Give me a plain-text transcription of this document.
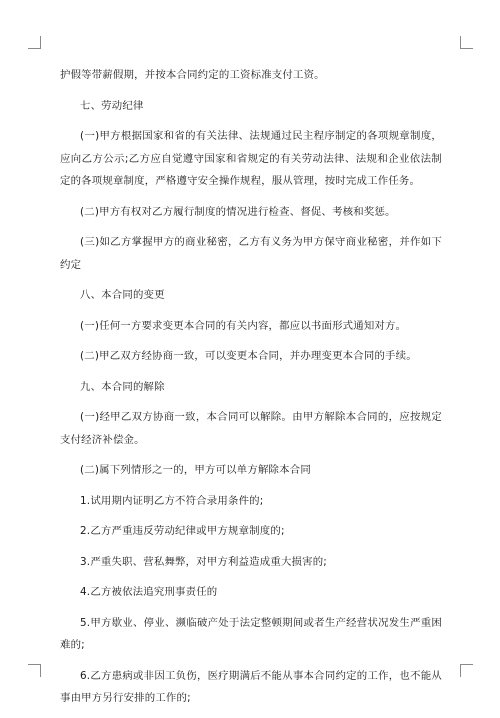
护假等带薪假期，并按本合同约定的工资标准支付工资。

七、劳动纪律

(一)甲方根据国家和省的有关法律、法规通过民主程序制定的各项规章制度，应向乙方公示;乙方应自觉遵守国家和省规定的有关劳动法律、法规和企业依法制定的各项规章制度，严格遵守安全操作规程，服从管理，按时完成工作任务。

(二)甲方有权对乙方履行制度的情况进行检查、督促、考核和奖惩。

(三)如乙方掌握甲方的商业秘密，乙方有义务为甲方保守商业秘密，并作如下约定

八、本合同的变更

(一)任何一方要求变更本合同的有关内容，都应以书面形式通知对方。

(二)甲乙双方经协商一致，可以变更本合同，并办理变更本合同的手续。

九、本合同的解除

(一)经甲乙双方协商一致，本合同可以解除。由甲方解除本合同的，应按规定支付经济补偿金。

(二)属下列情形之一的，甲方可以单方解除本合同

1.试用期内证明乙方不符合录用条件的;

2.乙方严重违反劳动纪律或甲方规章制度的;

3.严重失职、营私舞弊，对甲方利益造成重大损害的;

4.乙方被依法追究刑事责任的

5.甲方歇业、停业、濒临破产处于法定整顿期间或者生产经营状况发生严重困难的;

6.乙方患病或非因工负伤，医疗期满后不能从事本合同约定的工作，也不能从事由甲方另行安排的工作的;
